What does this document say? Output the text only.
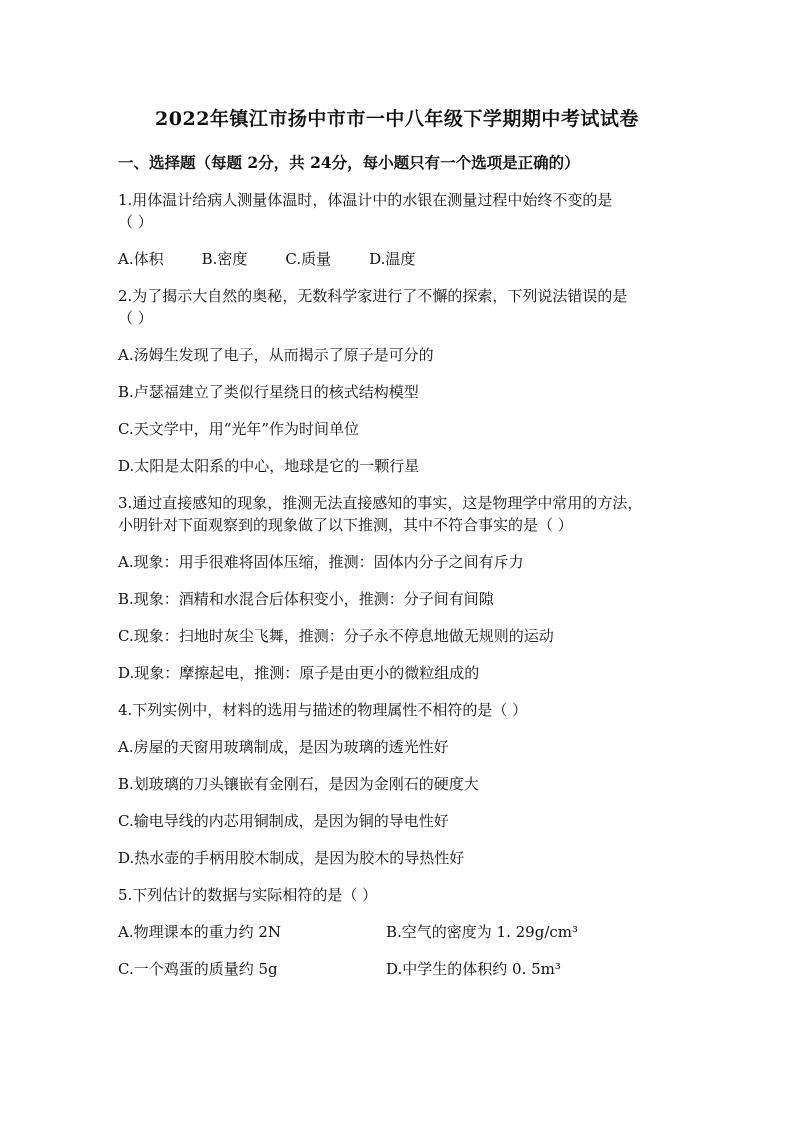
2022年镇江市扬中市市一中八年级下学期期中考试试卷
一、选择题（每题 2分，共 24分，每小题只有一个选项是正确的）
1.用体温计给病人测量体温时，体温计中的水银在测量过程中始终不变的是
（ ）
A.体积	B.密度	C.质量	D.温度
2.为了揭示大自然的奥秘，无数科学家进行了不懈的探索，下列说法错误的是
（ ）
A.汤姆生发现了电子，从而揭示了原子是可分的
B.卢瑟福建立了类似行星绕日的核式结构模型
C.天文学中，用“光年”作为时间单位
D.太阳是太阳系的中心，地球是它的一颗行星
3.通过直接感知的现象，推测无法直接感知的事实，这是物理学中常用的方法，
小明针对下面观察到的现象做了以下推测，其中不符合事实的是（ ）
A.现象：用手很难将固体压缩，推测：固体内分子之间有斥力
B.现象：酒精和水混合后体积变小，推测：分子间有间隙
C.现象：扫地时灰尘飞舞，推测：分子永不停息地做无规则的运动
D.现象：摩擦起电，推测：原子是由更小的微粒组成的
4.下列实例中，材料的选用与描述的物理属性不相符的是（ ）
A.房屋的天窗用玻璃制成，是因为玻璃的透光性好
B.划玻璃的刀头镶嵌有金刚石，是因为金刚石的硬度大
C.输电导线的内芯用铜制成，是因为铜的导电性好
D.热水壶的手柄用胶木制成，是因为胶木的导热性好
5.下列估计的数据与实际相符的是（ ）
A.物理课本的重力约 2N	B.空气的密度为 1. 29g/cm³
C.一个鸡蛋的质量约 5g	D.中学生的体积约 0. 5m³
